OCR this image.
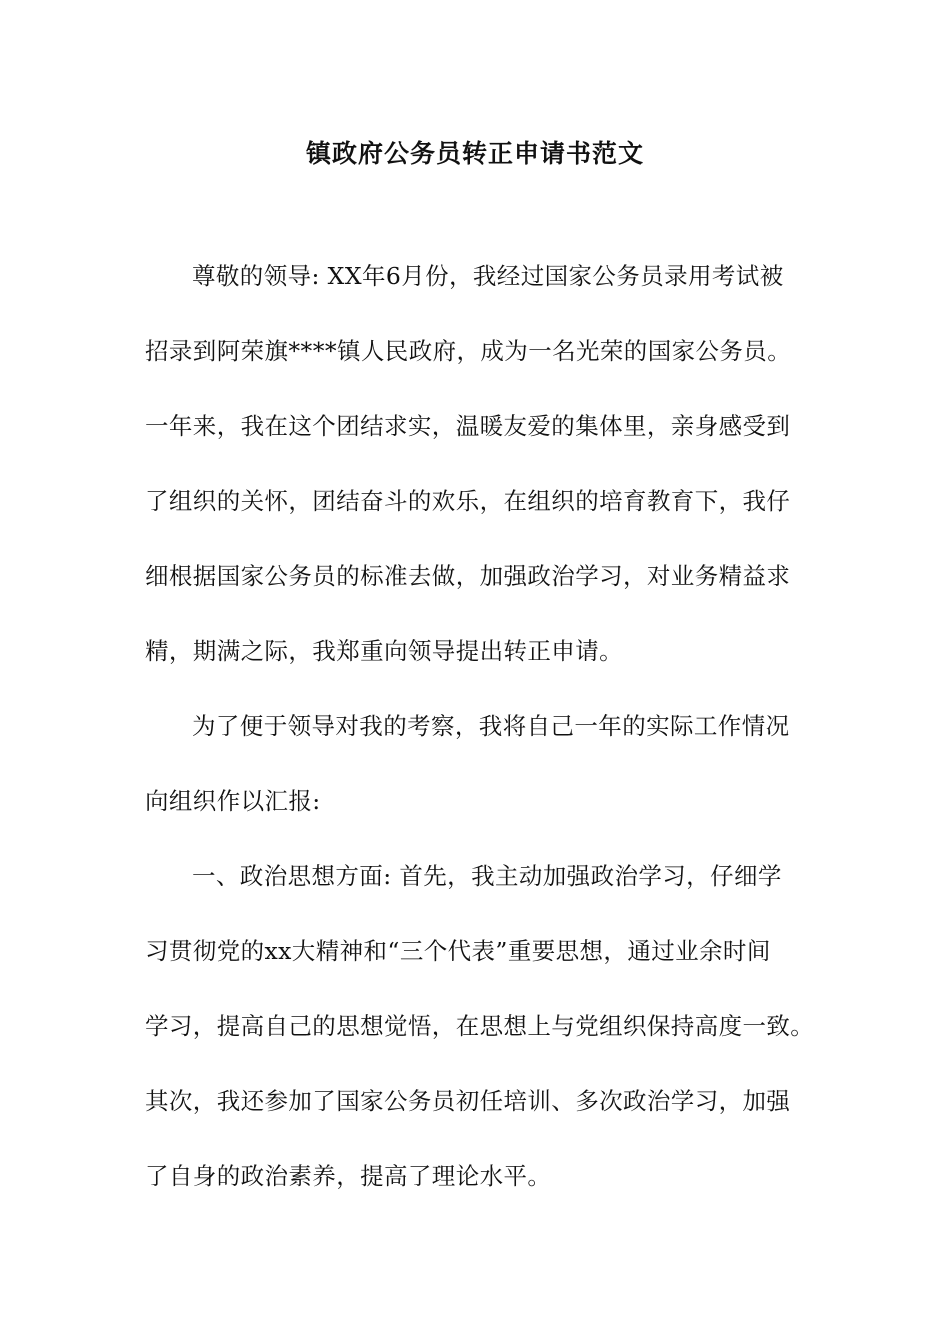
镇政府公务员转正申请书范文
尊敬的领导: XX年6月份，我经过国家公务员录用考试被
招录到阿荣旗****镇人民政府，成为一名光荣的国家公务员。
一年来，我在这个团结求实，温暖友爱的集体里，亲身感受到
了组织的关怀，团结奋斗的欢乐，在组织的培育教育下，我仔
细根据国家公务员的标准去做，加强政治学习，对业务精益求
精，期满之际，我郑重向领导提出转正申请。
为了便于领导对我的考察，我将自己一年的实际工作情况
向组织作以汇报:
一、政治思想方面: 首先，我主动加强政治学习，仔细学
习贯彻党的xx大精神和“三个代表”重要思想，通过业余时间
学习，提高自己的思想觉悟，在思想上与党组织保持高度一致。
其次，我还参加了国家公务员初任培训、多次政治学习，加强
了自身的政治素养，提高了理论水平。
